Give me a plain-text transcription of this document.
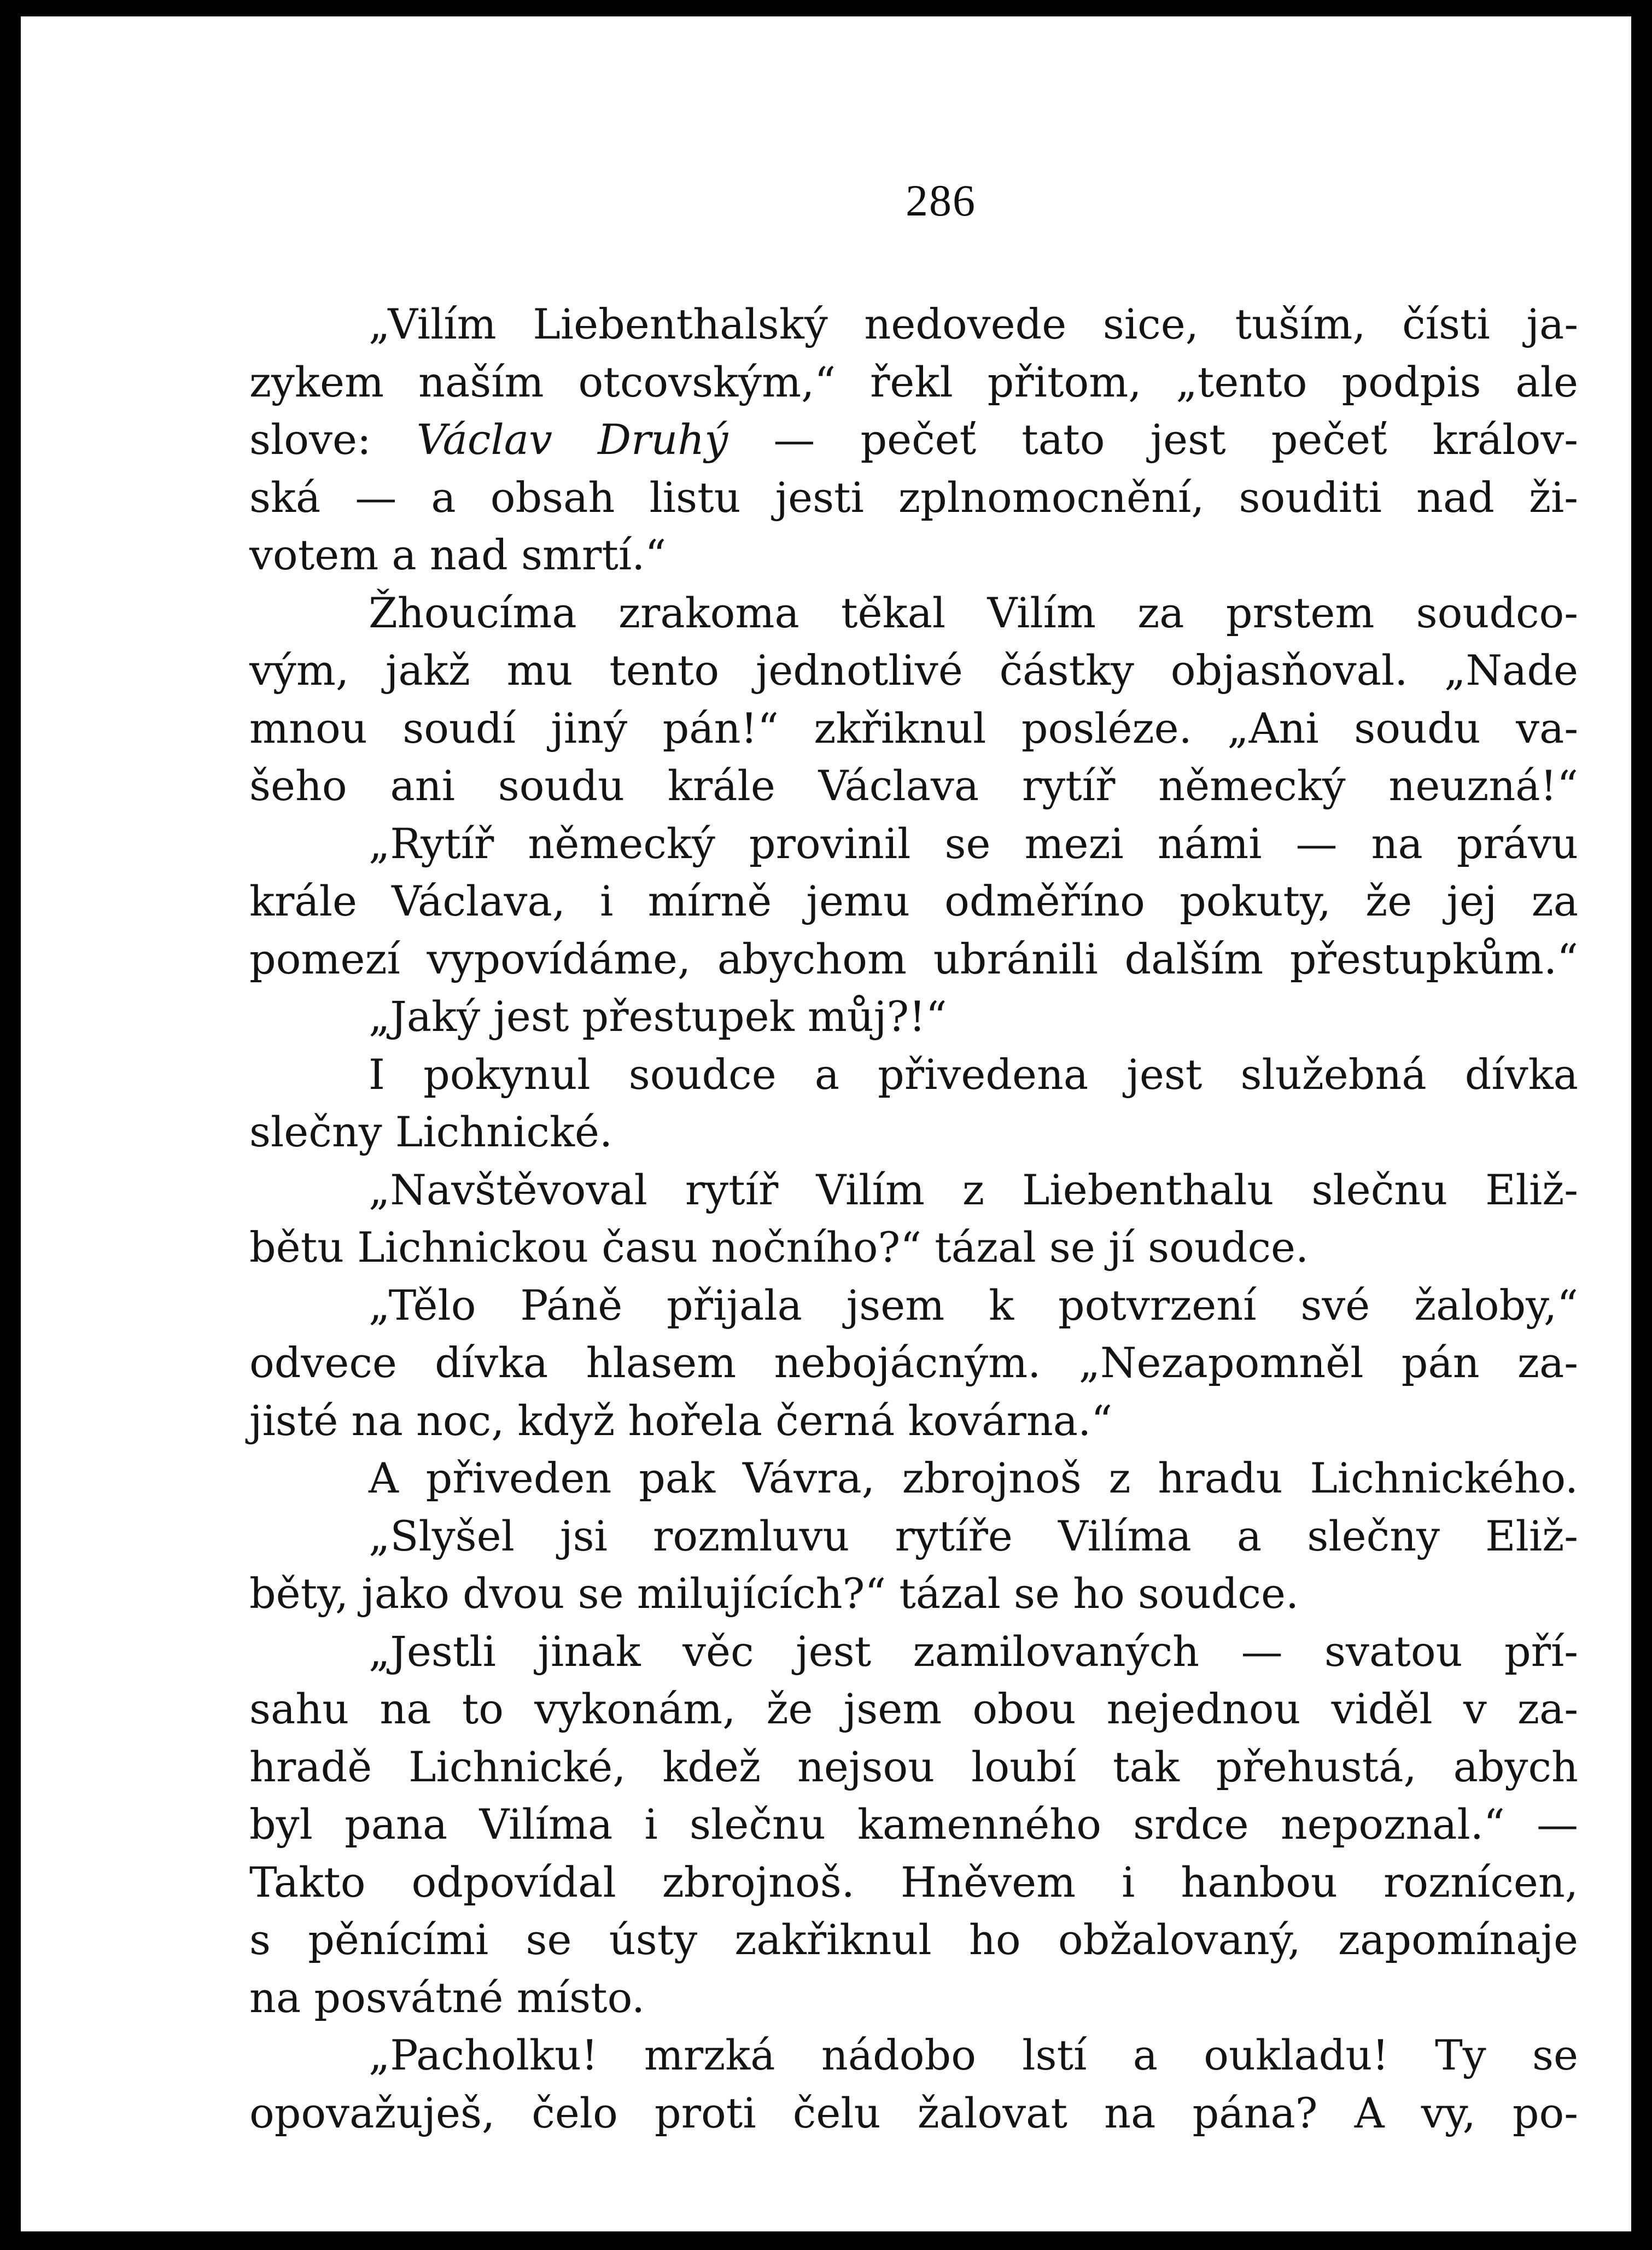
286
„Vilím Liebenthalský nedovede sice, tuším, čísti ja-
zykem naším otcovským,“ řekl přitom, „tento podpis ale
slove: Václav Druhý — pečeť tato jest pečeť králov-
ská — a obsah listu jesti zplnomocnění, souditi nad ži-
votem a nad smrtí.“
Žhoucíma zrakoma těkal Vilím za prstem soudco-
vým, jakž mu tento jednotlivé částky objasňoval. „Nade
mnou soudí jiný pán!“ zkřiknul posléze. „Ani soudu va-
šeho ani soudu krále Václava rytíř německý neuzná!“
„Rytíř německý provinil se mezi námi — na právu
krále Václava, i mírně jemu odměříno pokuty, že jej za
pomezí vypovídáme, abychom ubránili dalším přestupkům.“
„Jaký jest přestupek můj?!“
I pokynul soudce a přivedena jest služebná dívka
slečny Lichnické.
„Navštěvoval rytíř Vilím z Liebenthalu slečnu Eliž-
bětu Lichnickou času nočního?“ tázal se jí soudce.
„Tělo Páně přijala jsem k potvrzení své žaloby,“
odvece dívka hlasem nebojácným. „Nezapomněl pán za-
jisté na noc, když hořela černá kovárna.“
A přiveden pak Vávra, zbrojnoš z hradu Lichnického.
„Slyšel jsi rozmluvu rytíře Vilíma a slečny Eliž-
běty, jako dvou se milujících?“ tázal se ho soudce.
„Jestli jinak věc jest zamilovaných — svatou pří-
sahu na to vykonám, že jsem obou nejednou viděl v za-
hradě Lichnické, kdež nejsou loubí tak přehustá, abych
byl pana Vilíma i slečnu kamenného srdce nepoznal.“ —
Takto odpovídal zbrojnoš. Hněvem i hanbou roznícen,
s pěnícími se ústy zakřiknul ho obžalovaný, zapomínaje
na posvátné místo.
„Pacholku! mrzká nádobo lstí a oukladu! Ty se
opovažuješ, čelo proti čelu žalovat na pána? A vy, po-
